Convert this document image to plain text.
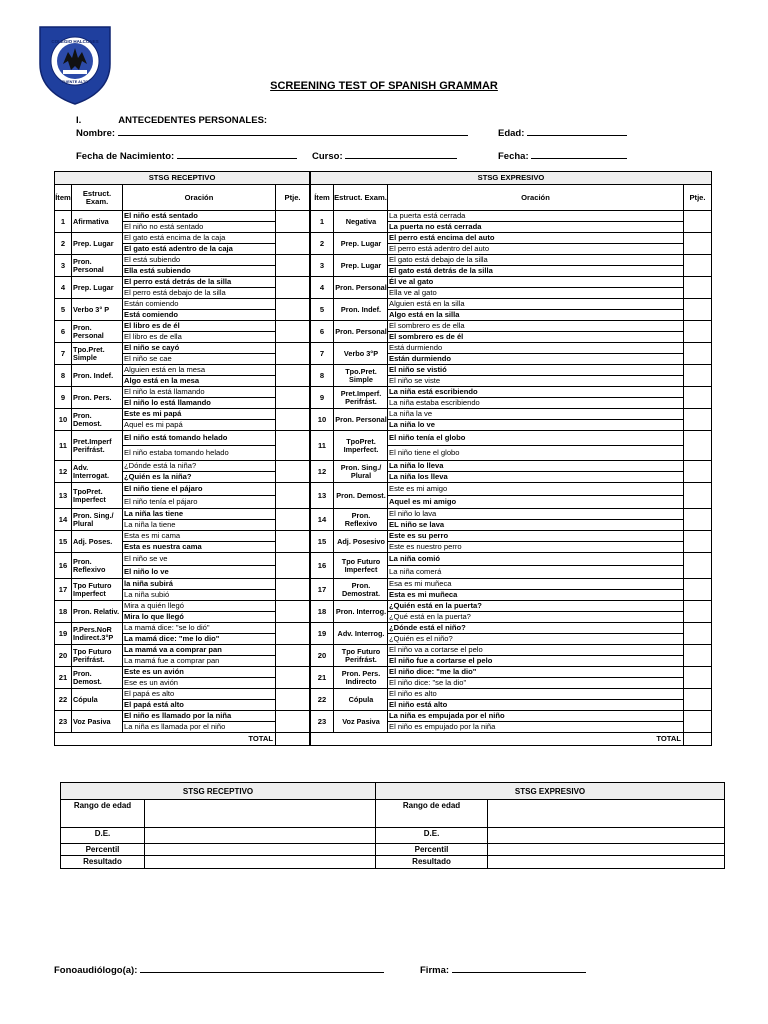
COLEGIO HALCONES
PUENTE ALTO	SCREENING TEST OF SPANISH GRAMMAR
I.	ANTECEDENTES PERSONALES:
Nombre:	Edad:
Fecha de Nacimiento:	Curso:	Fecha:
STSG RECEPTIVO			
Ítem	Estruct. Exam.	Oración	Ptje.
1	Afirmativa	El niño está sentado	
		El niño no está sentado	
2	Prep. Lugar	El gato está encima de la caja	
		El gato está adentro de la caja	
3	Pron. Personal	El está subiendo	
		Ella está subiendo	
4	Prep. Lugar	El perro está detrás de la silla	
		El perro está debajo de la silla	
5	Verbo 3° P	Están comiendo	
		Está comiendo	
6	Pron. Personal	El libro es de él	
		El libro es de ella	
7	Tpo.Pret. Simple	El niño se cayó	
		El niño se cae	
8	Pron. Indef.	Alguien está en la mesa	
		Algo está en la mesa	
9	Pron. Pers.	El niño la está llamando	
		El niño lo está llamando	
10	Pron. Demost.	Este es mi papá	
		Aquel es mi papá	
11	Pret.Imperf Perifrást.	El niño está tomando helado	
		El niño estaba tomando helado	
12	Adv. Interrogat.	¿Dónde está la niña?	
		¿Quién es la niña?	
13	TpoPret. Imperfect	El niño tiene el pájaro	
		El niño tenía el pájaro	
14	Pron. Sing./ Plural	La niña las tiene	
		La niña la tiene	
15	Adj. Poses.	Esta es mi cama	
		Esta es nuestra cama	
16	Pron. Reflexivo	El niño se ve	
		El niño lo ve	
17	Tpo Futuro Imperfect	la niña subirá	
		La niña subió	
18	Pron. Relativ.	Mira a quién llegó	
		Mira lo que llegó	
19	P.Pers.NoR Indirect.3°P	La mamá dice: "se lo dió"	
		La mamá dice: "me lo dio"	
20	Tpo Futuro Perifrást.	La mamá va a comprar pan	
		La mamá fue a comprar pan	
21	Pron. Demost.	Este es un avión	
		Ese es un avión	
22	Cópula	El papá es alto	
		El papá está alto	
23	Voz Pasiva	El niño es llamado por la niña	
		La niña es llamada por el niño	
		TOTAL	
STSG EXPRESIVO			
Ítem	Estruct. Exam.	Oración	Ptje.
1	Negativa	La puerta está cerrada	
		La puerta no está cerrada	
2	Prep. Lugar	El perro está encima del auto	
		El perro está adentro del auto	
3	Prep. Lugar	El gato está debajo de la silla	
		El gato está detrás de la silla	
4	Pron. Personal	Él ve al gato	
		Ella ve al gato	
5	Pron. Indef.	Alguien está en la silla	
		Algo está en la silla	
6	Pron. Personal	El sombrero es de ella	
		El sombrero es de él	
7	Verbo 3°P	Está durmiendo	
		Están durmiendo	
8	Tpo.Pret. Simple	El niño se vistió	
		El niño se viste	
9	Pret.Imperf. Perifrást.	La niña está escribiendo	
		La niña estaba escribiendo	
10	Pron. Personal	La niña la ve	
		La niña lo ve	
11	TpoPret. Imperfect.	El niño tenía el globo	
		El niño tiene el globo	
12	Pron. Sing./ Plural	La niña lo lleva	
		La niña los lleva	
13	Pron. Demost.	Este es mi amigo	
		Aquel es mi amigo	
14	Pron. Reflexivo	El niño lo lava	
		EL niño se lava	
15	Adj. Posesivo	Este es su perro	
		Este es nuestro perro	
16	Tpo Futuro Imperfect	La niña comió	
		La niña comerá	
17	Pron. Demostrat.	Esa es mi muñeca	
		Esta es mi muñeca	
18	Pron. Interrog.	¿Quién está en la puerta?	
		¿Qué está en la puerta?	
19	Adv. Interrog.	¿Dónde está el niño?	
		¿Quién es el niño?	
20	Tpo Futuro Perifrást.	El niño va a cortarse el pelo	
		El niño fue a cortarse el pelo	
21	Pron. Pers. Indirecto	El niño dice: "me la dio"	
		El niño dice: "se la dio"	
22	Cópula	El niño es alto	
		El niño está alto	
23	Voz Pasiva	La niña es empujada por el niño	
		El niño es empujado por la niña	
		TOTAL	
STSG RECEPTIVO		STSG EXPRESIVO	
Rango de edad		Rango de edad	
D.E.		D.E.	
Percentil		Percentil	
Resultado		Resultado	
Fonoaudiólogo(a):	Firma:
